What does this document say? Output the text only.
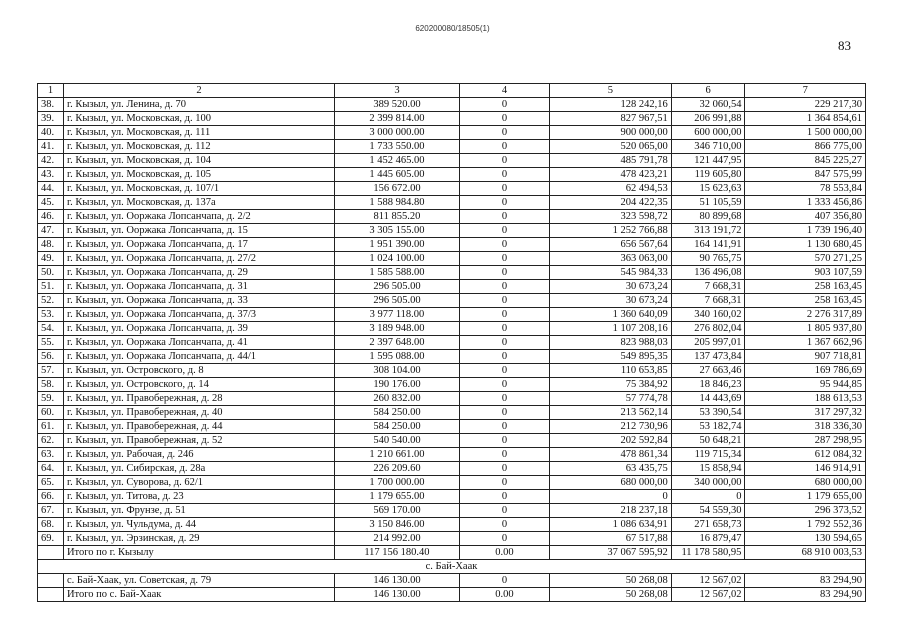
620200080/18505(1)
83
1	2	3	4	5	6	7
38.	г. Кызыл, ул. Ленина, д. 70	389 520.00	0	128 242,16	32 060,54	229 217,30
39.	г. Кызыл, ул. Московская, д. 100	2 399 814.00	0	827 967,51	206 991,88	1 364 854,61
40.	г. Кызыл, ул. Московская, д. 111	3 000 000.00	0	900 000,00	600 000,00	1 500 000,00
41.	г. Кызыл, ул. Московская, д. 112	1 733 550.00	0	520 065,00	346 710,00	866 775,00
42.	г. Кызыл, ул. Московская, д. 104	1 452 465.00	0	485 791,78	121 447,95	845 225,27
43.	г. Кызыл, ул. Московская, д. 105	1 445 605.00	0	478 423,21	119 605,80	847 575,99
44.	г. Кызыл, ул. Московская, д. 107/1	156 672.00	0	62 494,53	15 623,63	78 553,84
45.	г. Кызыл, ул. Московская, д. 137а	1 588 984.80	0	204 422,35	51 105,59	1 333 456,86
46.	г. Кызыл, ул. Ооржака Лопсанчапа, д. 2/2	811 855.20	0	323 598,72	80 899,68	407 356,80
47.	г. Кызыл, ул. Ооржака Лопсанчапа, д. 15	3 305 155.00	0	1 252 766,88	313 191,72	1 739 196,40
48.	г. Кызыл, ул. Ооржака Лопсанчапа, д. 17	1 951 390.00	0	656 567,64	164 141,91	1 130 680,45
49.	г. Кызыл, ул. Ооржака Лопсанчапа, д. 27/2	1 024 100.00	0	363 063,00	90 765,75	570 271,25
50.	г. Кызыл, ул. Ооржака Лопсанчапа, д. 29	1 585 588.00	0	545 984,33	136 496,08	903 107,59
51.	г. Кызыл, ул. Ооржака Лопсанчапа, д. 31	296 505.00	0	30 673,24	7 668,31	258 163,45
52.	г. Кызыл, ул. Ооржака Лопсанчапа, д. 33	296 505.00	0	30 673,24	7 668,31	258 163,45
53.	г. Кызыл, ул. Ооржака Лопсанчапа, д. 37/3	3 977 118.00	0	1 360 640,09	340 160,02	2 276 317,89
54.	г. Кызыл, ул. Ооржака Лопсанчапа, д. 39	3 189 948.00	0	1 107 208,16	276 802,04	1 805 937,80
55.	г. Кызыл, ул. Ооржака Лопсанчапа, д. 41	2 397 648.00	0	823 988,03	205 997,01	1 367 662,96
56.	г. Кызыл, ул. Ооржака Лопсанчапа, д. 44/1	1 595 088.00	0	549 895,35	137 473,84	907 718,81
57.	г. Кызыл, ул. Островского, д. 8	308 104.00	0	110 653,85	27 663,46	169 786,69
58.	г. Кызыл, ул. Островского, д. 14	190 176.00	0	75 384,92	18 846,23	95 944,85
59.	г. Кызыл, ул. Правобережная, д. 28	260 832.00	0	57 774,78	14 443,69	188 613,53
60.	г. Кызыл, ул. Правобережная, д. 40	584 250.00	0	213 562,14	53 390,54	317 297,32
61.	г. Кызыл, ул. Правобережная, д. 44	584 250.00	0	212 730,96	53 182,74	318 336,30
62.	г. Кызыл, ул. Правобережная, д. 52	540 540.00	0	202 592,84	50 648,21	287 298,95
63.	г. Кызыл, ул. Рабочая, д. 246	1 210 661.00	0	478 861,34	119 715,34	612 084,32
64.	г. Кызыл, ул. Сибирская, д. 28а	226 209.60	0	63 435,75	15 858,94	146 914,91
65.	г. Кызыл, ул. Суворова, д. 62/1	1 700 000.00	0	680 000,00	340 000,00	680 000,00
66.	г. Кызыл, ул. Титова, д. 23	1 179 655.00	0	0	0	1 179 655,00
67.	г. Кызыл, ул. Фрунзе, д. 51	569 170.00	0	218 237,18	54 559,30	296 373,52
68.	г. Кызыл, ул. Чульдума, д. 44	3 150 846.00	0	1 086 634,91	271 658,73	1 792 552,36
69.	г. Кызыл, ул. Эрзинская, д. 29	214 992.00	0	67 517,88	16 879,47	130 594,65
	Итого по г. Кызылу	117 156 180.40	0.00	37 067 595,92	11 178 580,95	68 910 003,53
с. Бай-Хаак						
	с. Бай-Хаак, ул. Советская, д. 79	146 130.00	0	50 268,08	12 567,02	83 294,90
	Итого по с. Бай-Хаак	146 130.00	0.00	50 268,08	12 567,02	83 294,90
